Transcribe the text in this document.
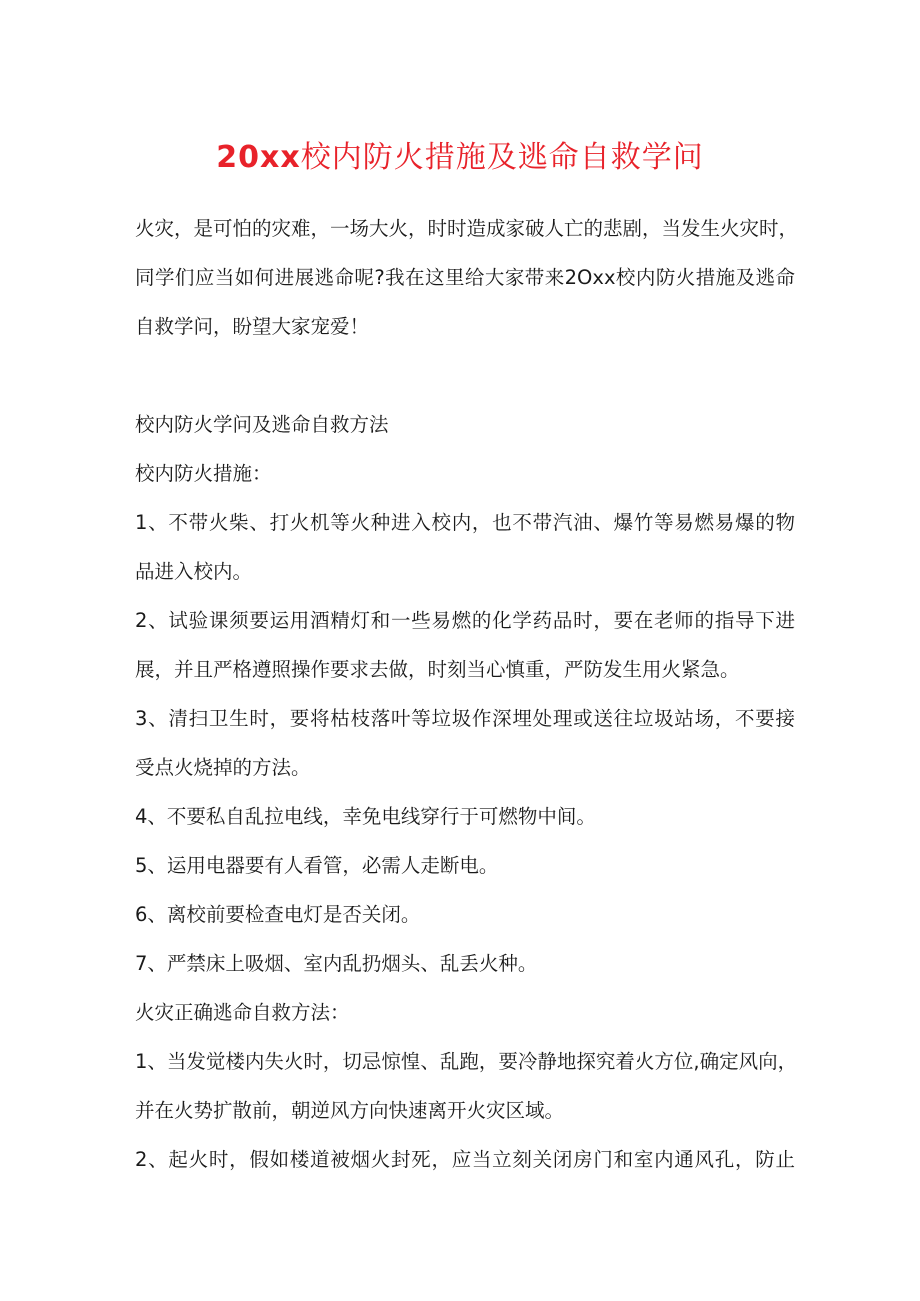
20xx校内防火措施及逃命自救学问

火灾，是可怕的灾难，一场大火，时时造成家破人亡的悲剧，当发生火灾时，
同学们应当如何进展逃命呢?我在这里给大家带来2Oxx校内防火措施及逃命
自救学问，盼望大家宠爱！

校内防火学问及逃命自救方法

校内防火措施：

1、不带火柴、打火机等火种进入校内，也不带汽油、爆竹等易燃易爆的物
品进入校内。

2、试验课须要运用酒精灯和一些易燃的化学药品时，要在老师的指导下进
展，并且严格遵照操作要求去做，时刻当心慎重，严防发生用火紧急。

3、清扫卫生时，要将枯枝落叶等垃圾作深埋处理或送往垃圾站场，不要接
受点火烧掉的方法。

4、不要私自乱拉电线，幸免电线穿行于可燃物中间。

5、运用电器要有人看管，必需人走断电。

6、离校前要检查电灯是否关闭。

7、严禁床上吸烟、室内乱扔烟头、乱丢火种。

火灾正确逃命自救方法：

1、当发觉楼内失火时，切忌惊惶、乱跑，要冷静地探究着火方位,确定风向，
并在火势扩散前，朝逆风方向快速离开火灾区域。

2、起火时，假如楼道被烟火封死，应当立刻关闭房门和室内通风孔，防止
